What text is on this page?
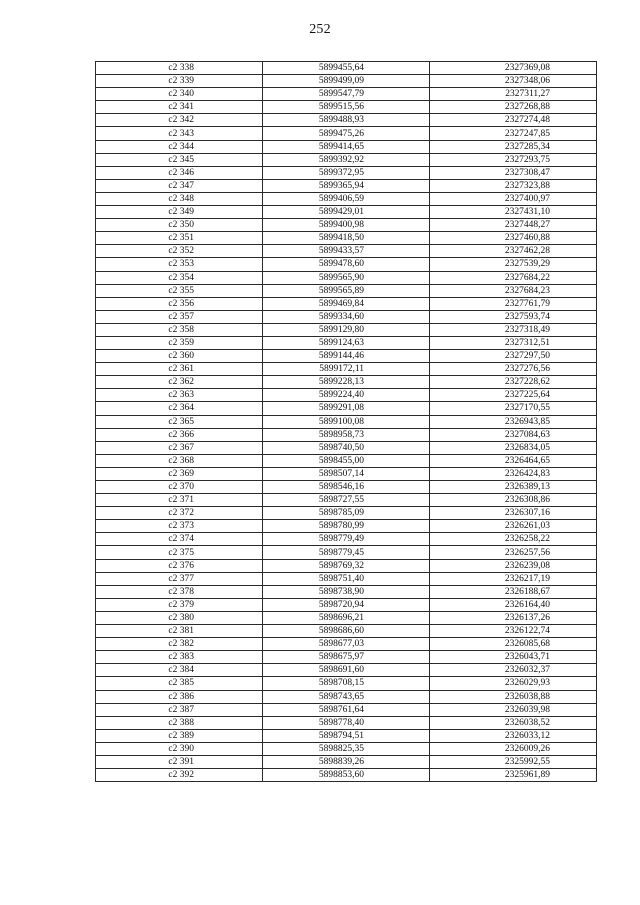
252
c2 338	5899455,64	2327369,08
c2 339	5899499,09	2327348,06
c2 340	5899547,79	2327311,27
c2 341	5899515,56	2327268,88
c2 342	5899488,93	2327274,48
c2 343	5899475,26	2327247,85
c2 344	5899414,65	2327285,34
c2 345	5899392,92	2327293,75
c2 346	5899372,95	2327308,47
c2 347	5899365,94	2327323,88
c2 348	5899406,59	2327400,97
c2 349	5899429,01	2327431,10
c2 350	5899400,98	2327448,27
c2 351	5899418,50	2327460,88
c2 352	5899433,57	2327462,28
c2 353	5899478,60	2327539,29
c2 354	5899565,90	2327684,22
c2 355	5899565,89	2327684,23
c2 356	5899469,84	2327761,79
c2 357	5899334,60	2327593,74
c2 358	5899129,80	2327318,49
c2 359	5899124,63	2327312,51
c2 360	5899144,46	2327297,50
c2 361	5899172,11	2327276,56
c2 362	5899228,13	2327228,62
c2 363	5899224,40	2327225,64
c2 364	5899291,08	2327170,55
c2 365	5899100,08	2326943,85
c2 366	5898958,73	2327084,63
c2 367	5898740,50	2326834,05
c2 368	5898455,00	2326464,65
c2 369	5898507,14	2326424,83
c2 370	5898546,16	2326389,13
c2 371	5898727,55	2326308,86
c2 372	5898785,09	2326307,16
c2 373	5898780,99	2326261,03
c2 374	5898779,49	2326258,22
c2 375	5898779,45	2326257,56
c2 376	5898769,32	2326239,08
c2 377	5898751,40	2326217,19
c2 378	5898738,90	2326188,67
c2 379	5898720,94	2326164,40
c2 380	5898696,21	2326137,26
c2 381	5898686,60	2326122,74
c2 382	5898677,03	2326085,68
c2 383	5898675,97	2326043,71
c2 384	5898691,60	2326032,37
c2 385	5898708,15	2326029,93
c2 386	5898743,65	2326038,88
c2 387	5898761,64	2326039,98
c2 388	5898778,40	2326038,52
c2 389	5898794,51	2326033,12
c2 390	5898825,35	2326009,26
c2 391	5898839,26	2325992,55
c2 392	5898853,60	2325961,89
